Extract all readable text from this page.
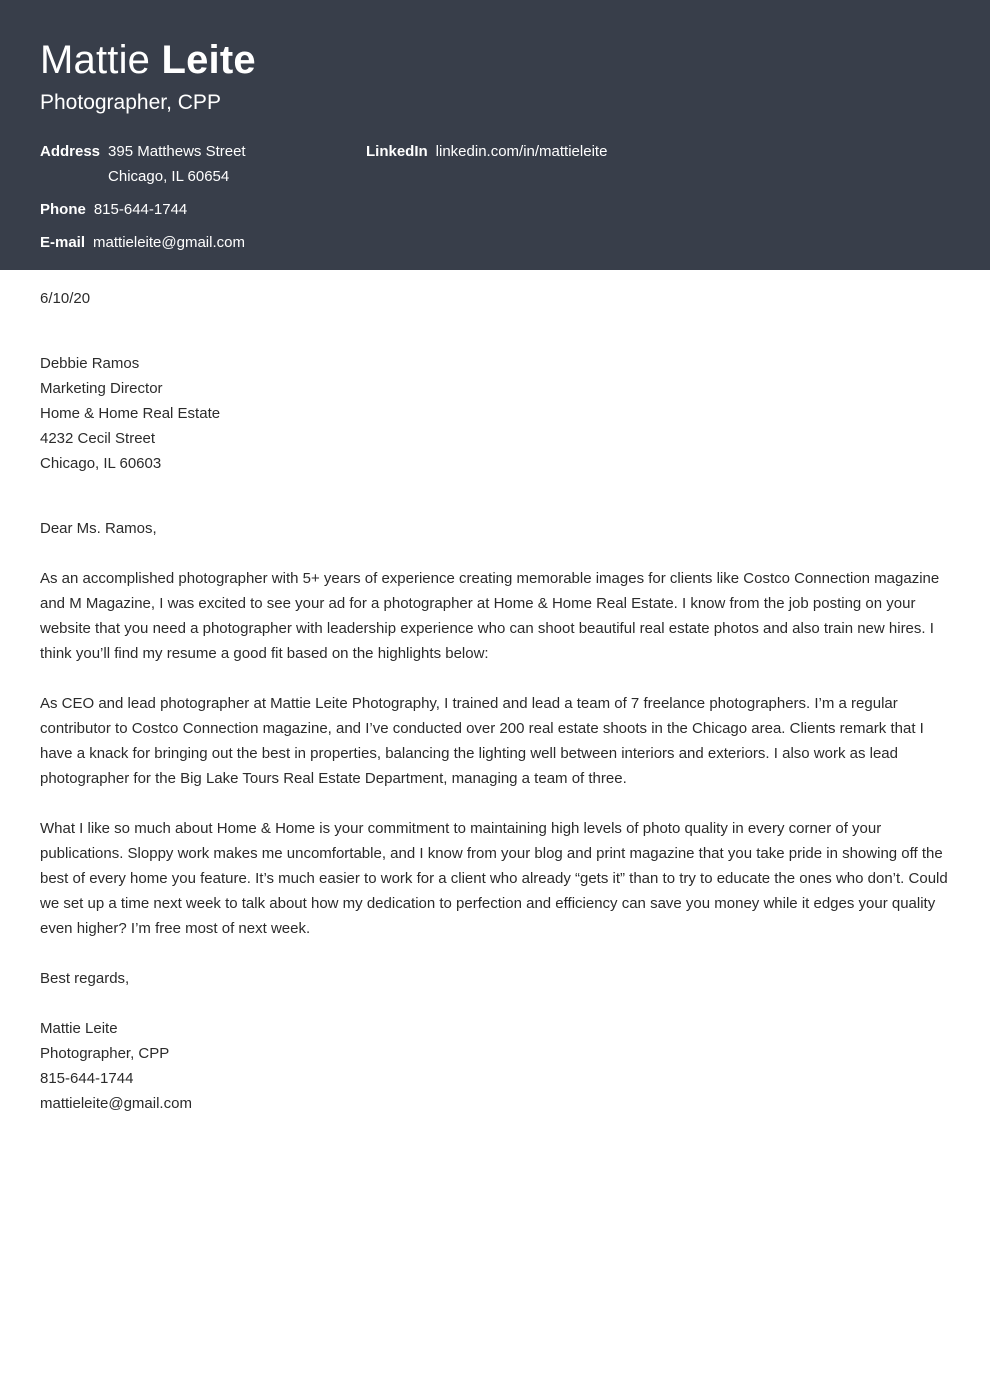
Mattie Leite
Photographer, CPP
Address 395 Matthews Street
Chicago, IL 60654
LinkedIn linkedin.com/in/mattieleite
Phone 815-644-1744
E-mail mattieleite@gmail.com

6/10/20

Debbie Ramos

Marketing Director

Home & Home Real Estate

4232 Cecil Street

Chicago, IL 60603

Dear Ms. Ramos,

As an accomplished photographer with 5+ years of experience creating memorable images for clients like Costco Connection magazine and M Magazine, I was excited to see your ad for a photographer at Home & Home Real Estate. I know from the job posting on your website that you need a photographer with leadership experience who can shoot beautiful real estate photos and also train new hires. I think you’ll find my resume a good fit based on the highlights below:

As CEO and lead photographer at Mattie Leite Photography, I trained and lead a team of 7 freelance photographers. I’m a regular contributor to Costco Connection magazine, and I’ve conducted over 200 real estate shoots in the Chicago area. Clients remark that I have a knack for bringing out the best in properties, balancing the lighting well between interiors and exteriors. I also work as lead photographer for the Big Lake Tours Real Estate Department, managing a team of three.

What I like so much about Home & Home is your commitment to maintaining high levels of photo quality in every corner of your publications. Sloppy work makes me uncomfortable, and I know from your blog and print magazine that you take pride in showing off the best of every home you feature. It’s much easier to work for a client who already “gets it” than to try to educate the ones who don’t. Could we set up a time next week to talk about how my dedication to perfection and efficiency can save you money while it edges your quality even higher? I’m free most of next week.

Best regards,

Mattie Leite

Photographer, CPP

815-644-1744

mattieleite@gmail.com
